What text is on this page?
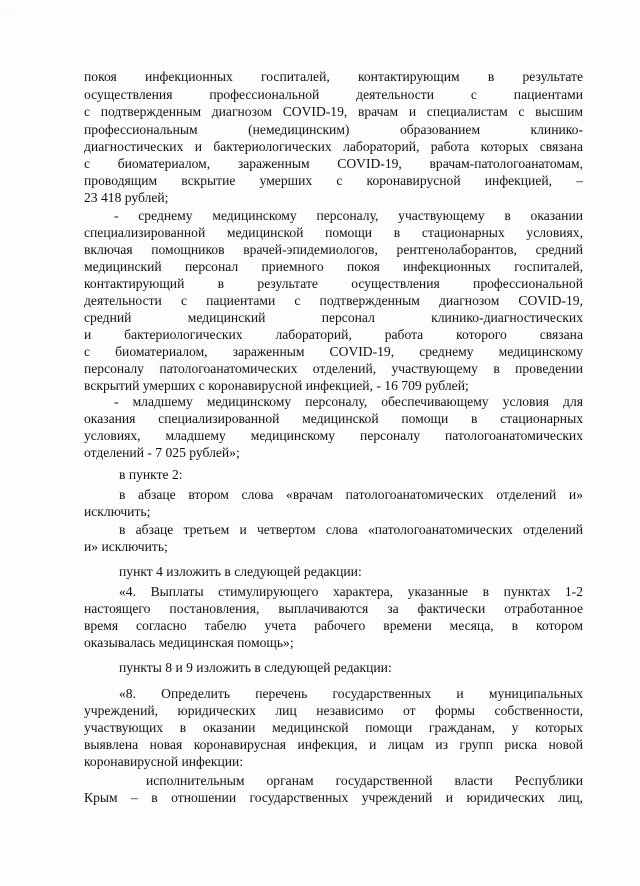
˙ ˙ ˙
покоя инфекционных госпиталей, контактирующим в результате
осуществления профессиональной деятельности с пациентами
с подтвержденным диагнозом COVID-19, врачам и специалистам с высшим
профессиональным (немедицинским) образованием клинико-
диагностических и бактериологических лабораторий, работа которых связана
с биоматериалом, зараженным COVID-19, врачам-патологоанатомам,
проводящим вскрытие умерших с коронавирусной инфекцией, –
23 418 рублей;
- среднему медицинскому персоналу, участвующему в оказании
специализированной медицинской помощи в стационарных условиях,
включая помощников врачей-эпидемиологов, рентгенолаборантов, средний
медицинский персонал приемного покоя инфекционных госпиталей,
контактирующий в результате осуществления профессиональной
деятельности с пациентами с подтвержденным диагнозом COVID-19,
средний медицинский персонал клинико-диагностических
и бактериологических лабораторий, работа которого связана
с биоматериалом, зараженным COVID-19, среднему медицинскому
персоналу патологоанатомических отделений, участвующему в проведении
вскрытий умерших с коронавирусной инфекцией, - 16 709 рублей;
- младшему медицинскому персоналу, обеспечивающему условия для
оказания специализированной медицинской помощи в стационарных
условиях, младшему медицинскому персоналу патологоанатомических
отделений - 7 025 рублей»;
в пункте 2:
в абзаце втором слова «врачам патологоанатомических отделений и»
исключить;
в абзаце третьем и четвертом слова «патологоанатомических отделений
и» исключить;
пункт 4 изложить в следующей редакции:
«4. Выплаты стимулирующего характера, указанные в пунктах 1-2
настоящего постановления, выплачиваются за фактически отработанное
время согласно табелю учета рабочего времени месяца, в котором
оказывалась медицинская помощь»;
пункты 8 и 9 изложить в следующей редакции:
«8. Определить перечень государственных и муниципальных
учреждений, юридических лиц независимо от формы собственности,
участвующих в оказании медицинской помощи гражданам, у которых
выявлена новая коронавирусная инфекция, и лицам из групп риска новой
коронавирусной инфекции:
исполнительным органам государственной власти Республики
Крым – в отношении государственных учреждений и юридических лиц,
